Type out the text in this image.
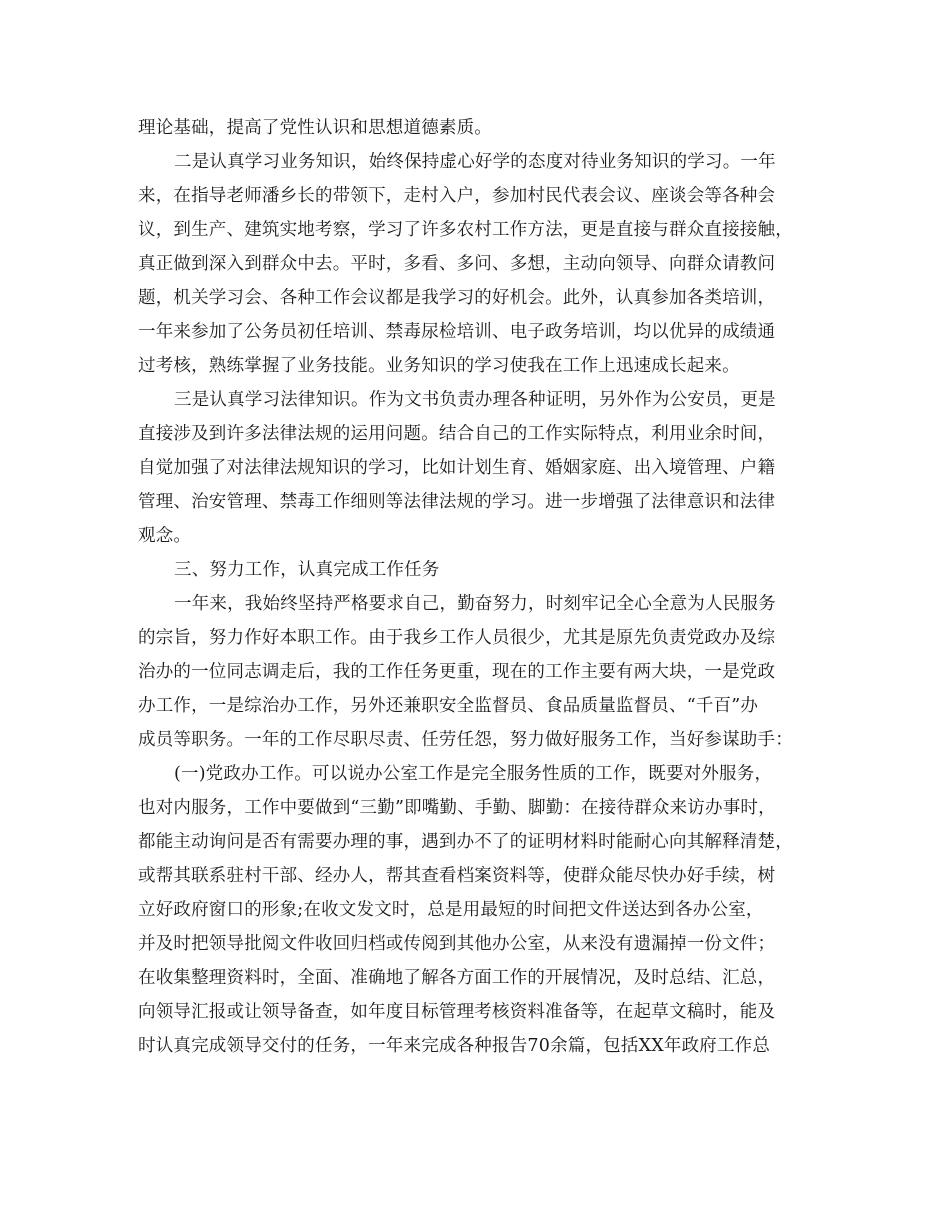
理论基础，提高了党性认识和思想道德素质。
二是认真学习业务知识，始终保持虚心好学的态度对待业务知识的学习。一年
来，在指导老师潘乡长的带领下，走村入户，参加村民代表会议、座谈会等各种会
议，到生产、建筑实地考察，学习了许多农村工作方法，更是直接与群众直接接触，
真正做到深入到群众中去。平时，多看、多问、多想，主动向领导、向群众请教问
题，机关学习会、各种工作会议都是我学习的好机会。此外，认真参加各类培训，
一年来参加了公务员初任培训、禁毒尿检培训、电子政务培训，均以优异的成绩通
过考核，熟练掌握了业务技能。业务知识的学习使我在工作上迅速成长起来。
三是认真学习法律知识。作为文书负责办理各种证明，另外作为公安员，更是
直接涉及到许多法律法规的运用问题。结合自己的工作实际特点，利用业余时间，
自觉加强了对法律法规知识的学习，比如计划生育、婚姻家庭、出入境管理、户籍
管理、治安管理、禁毒工作细则等法律法规的学习。进一步增强了法律意识和法律
观念。
三、努力工作，认真完成工作任务
一年来，我始终坚持严格要求自己，勤奋努力，时刻牢记全心全意为人民服务
的宗旨，努力作好本职工作。由于我乡工作人员很少，尤其是原先负责党政办及综
治办的一位同志调走后，我的工作任务更重，现在的工作主要有两大块，一是党政
办工作，一是综治办工作，另外还兼职安全监督员、食品质量监督员、“千百”办
成员等职务。一年的工作尽职尽责、任劳任怨，努力做好服务工作，当好参谋助手：
(一)党政办工作。可以说办公室工作是完全服务性质的工作，既要对外服务，
也对内服务，工作中要做到“三勤”即嘴勤、手勤、脚勤：在接待群众来访办事时，
都能主动询问是否有需要办理的事，遇到办不了的证明材料时能耐心向其解释清楚，
或帮其联系驻村干部、经办人，帮其查看档案资料等，使群众能尽快办好手续，树
立好政府窗口的形象;在收文发文时，总是用最短的时间把文件送达到各办公室，
并及时把领导批阅文件收回归档或传阅到其他办公室，从来没有遗漏掉一份文件；
在收集整理资料时，全面、准确地了解各方面工作的开展情况，及时总结、汇总，
向领导汇报或让领导备查，如年度目标管理考核资料准备等，在起草文稿时，能及
时认真完成领导交付的任务，一年来完成各种报告70余篇，包括XX年政府工作总
